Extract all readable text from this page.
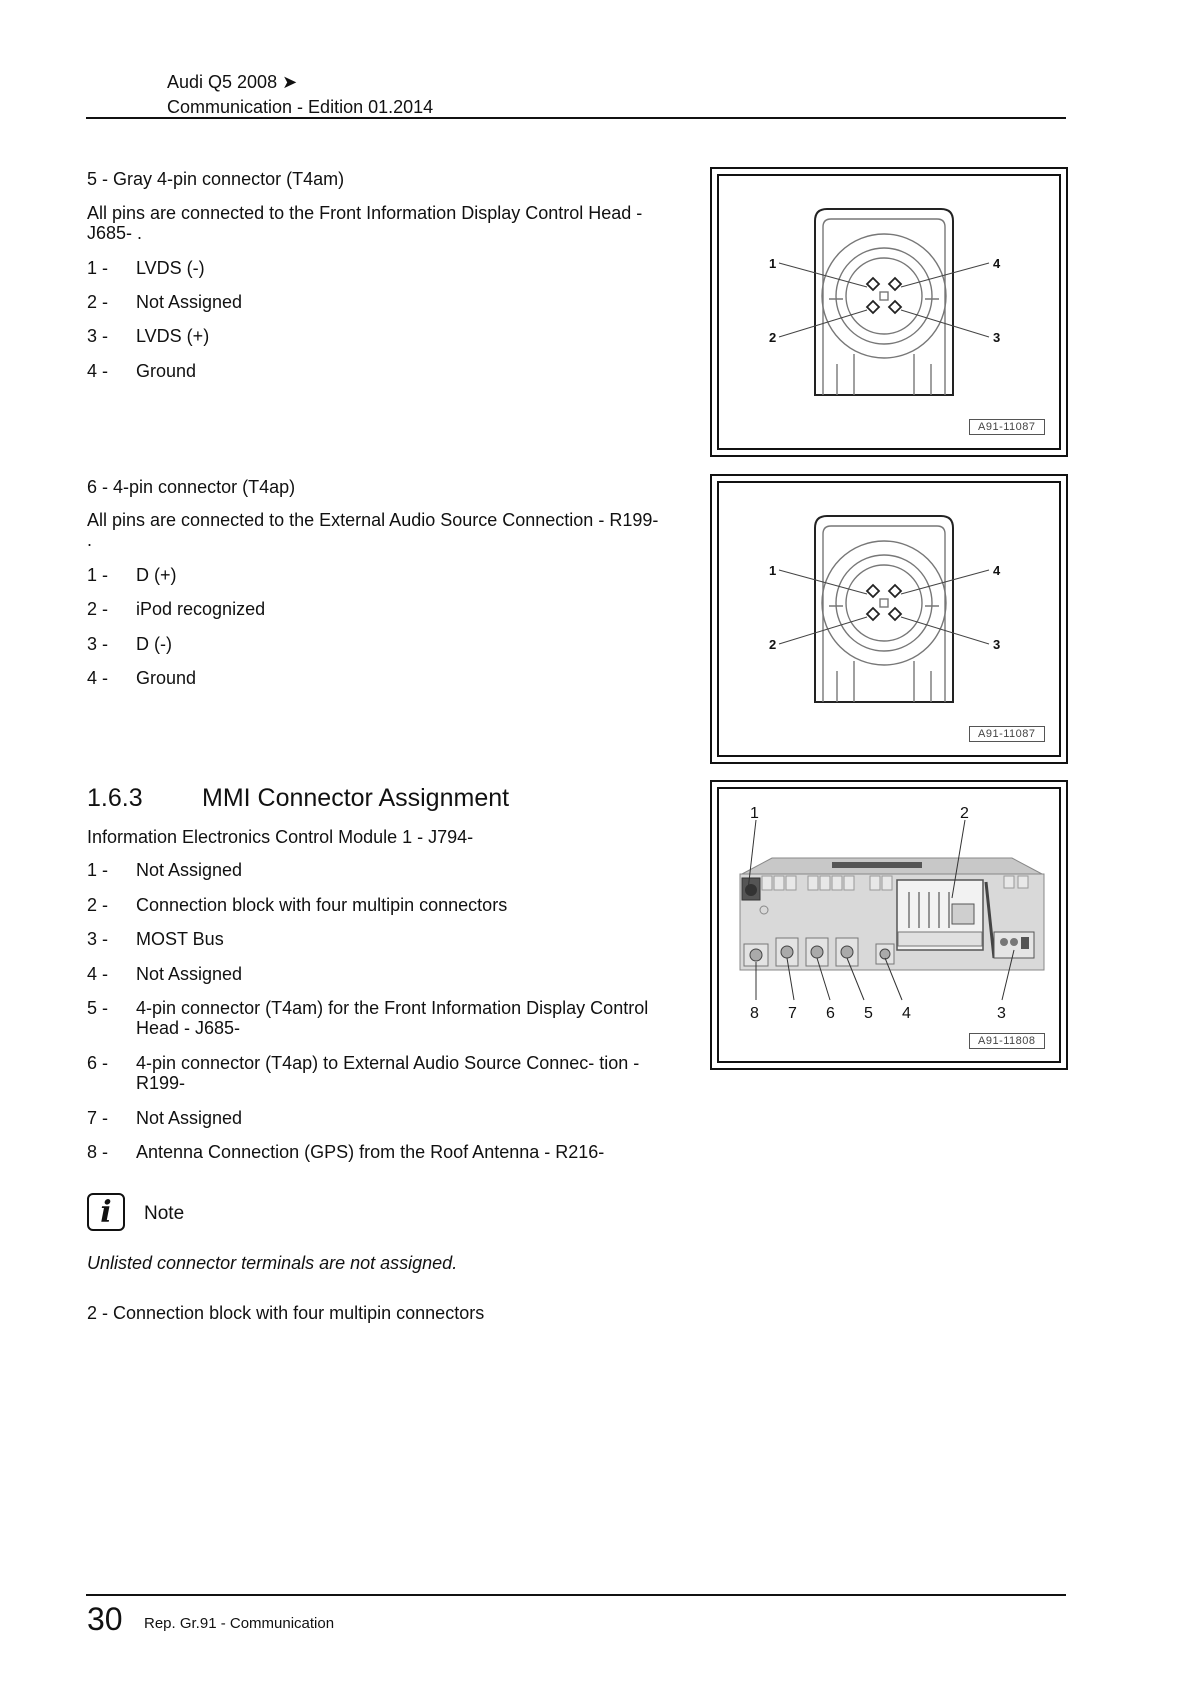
Audi Q5 2008 ➤
Communication - Edition 01.2014
5 - Gray 4-pin connector (T4am)
All pins are connected to the Front Information Display Control Head - J685- .
1 -	LVDS (-)
2 -	Not Assigned
3 -	LVDS (+)
4 -	Ground
1
2	3
4
A91-11087
6 - 4-pin connector (T4ap)
All pins are connected to the External Audio Source Connection - R199- .
1 -	D (+)
2 -	iPod recognized
3 -	D (-)
4 -	Ground
1
2	3
4
A91-11087
1.6.3 MMI Connector Assignment
Information Electronics Control Module 1 - J794-
1 -	Not Assigned
2 -	Connection block with four multipin connectors
3 -	MOST Bus
4 -	Not Assigned
5 -	4-pin connector (T4am) for the Front Information Display Control Head - J685-
6 -	4-pin connector (T4ap) to External Audio Source Connec- tion - R199-
7 -	Not Assigned
8 -	Antenna Connection (GPS) from the Roof Antenna - R216-
1	2
8 7 6 5 4	3
A91-11808
i Note
Unlisted connector terminals are not assigned.
2 - Connection block with four multipin connectors
30 Rep. Gr.91 - Communication
